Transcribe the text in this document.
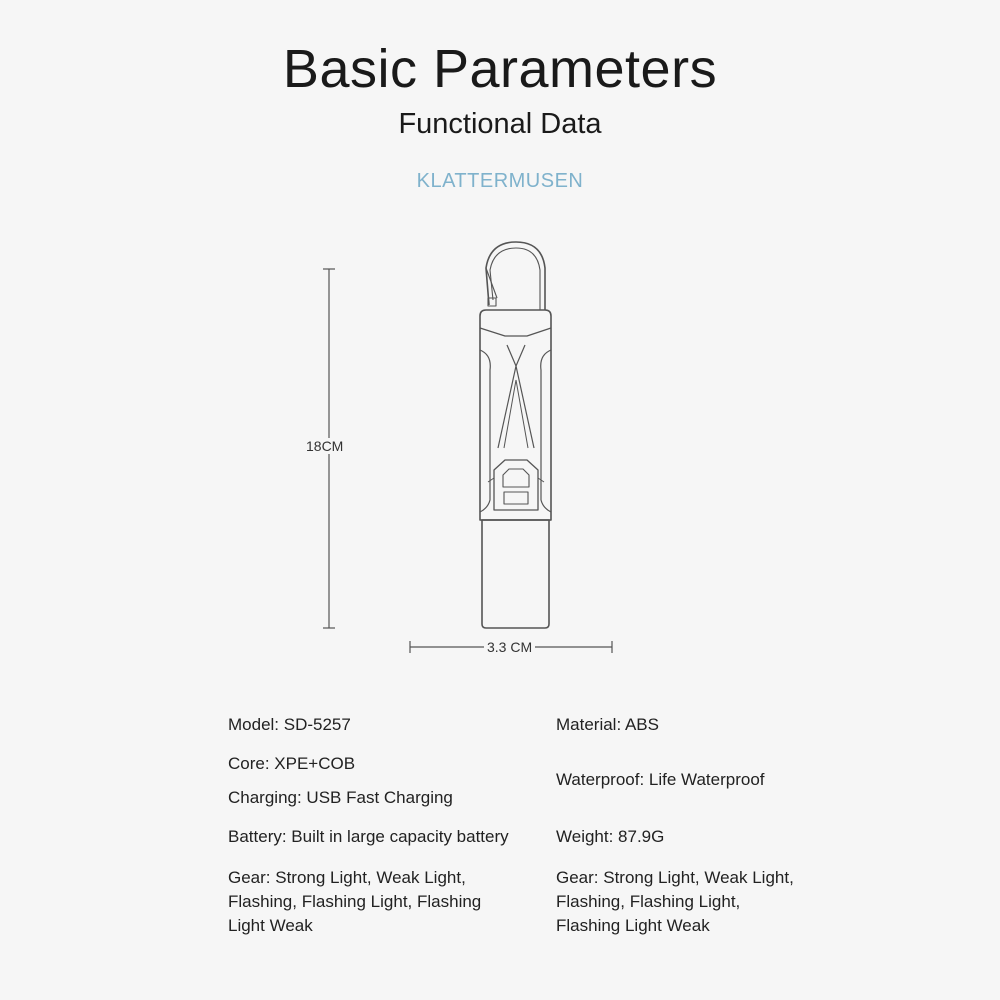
Basic Parameters
Functional Data
KLATTERMUSEN
18CM
3.3 CM
Model: SD-5257
Core: XPE+COB
Charging: USB Fast Charging
Battery: Built in large capacity battery
Gear: Strong Light, Weak Light, Flashing, Flashing Light, Flashing Light Weak
Material: ABS
Waterproof: Life Waterproof
Weight: 87.9G
Gear: Strong Light, Weak Light, Flashing, Flashing Light, Flashing Light Weak
